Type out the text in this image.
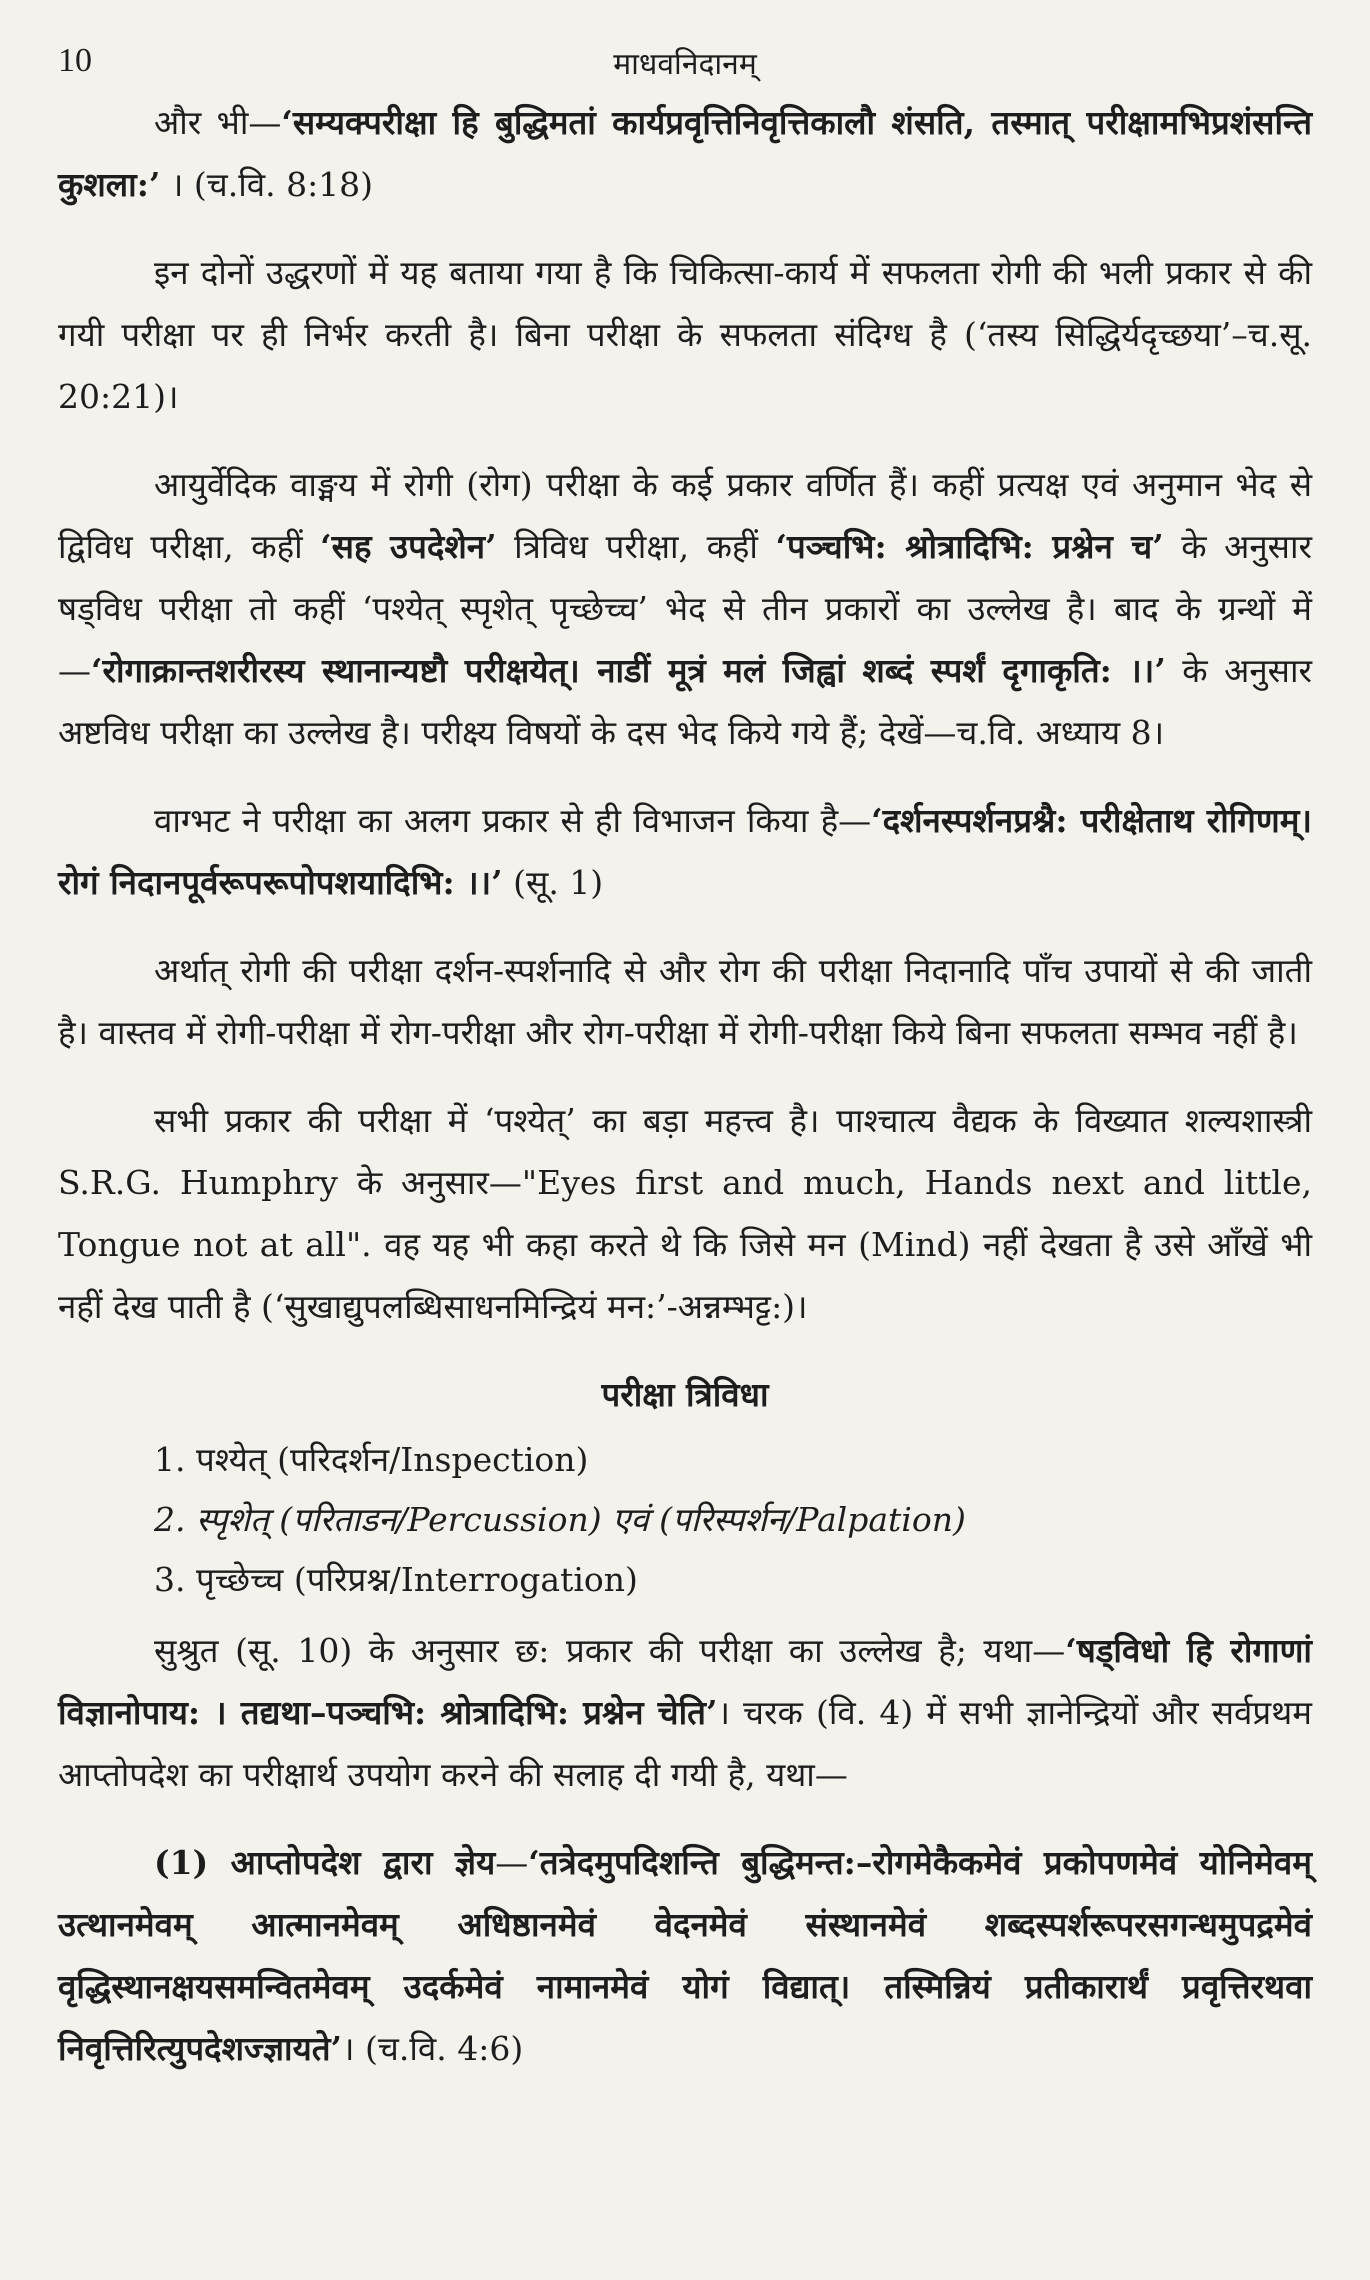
10	माधवनिदानम्

और भी—‘सम्यक्परीक्षा हि बुद्धिमतां कार्यप्रवृत्तिनिवृत्तिकालौ शंसति, तस्मात् परीक्षामभिप्रशंसन्ति कुशला:’ । (च.वि. 8:18)

इन दोनों उद्धरणों में यह बताया गया है कि चिकित्सा-कार्य में सफलता रोगी की भली प्रकार से की गयी परीक्षा पर ही निर्भर करती है। बिना परीक्षा के सफलता संदिग्ध है (‘तस्य सिद्धिर्यदृच्छया’–च.सू. 20:21)।

आयुर्वेदिक वाङ्मय में रोगी (रोग) परीक्षा के कई प्रकार वर्णित हैं। कहीं प्रत्यक्ष एवं अनुमान भेद से द्विविध परीक्षा, कहीं ‘सह उपदेशेन’ त्रिविध परीक्षा, कहीं ‘पञ्चभि: श्रोत्रादिभि: प्रश्नेन च’ के अनुसार षड्विध परीक्षा तो कहीं ‘पश्येत् स्पृशेत् पृच्छेच्च’ भेद से तीन प्रकारों का उल्लेख है। बाद के ग्रन्थों में—‘रोगाक्रान्तशरीरस्य स्थानान्यष्टौ परीक्षयेत्। नाडीं मूत्रं मलं जिह्वां शब्दं स्पर्शं दृगाकृति: ।।’ के अनुसार अष्टविध परीक्षा का उल्लेख है। परीक्ष्य विषयों के दस भेद किये गये हैं; देखें—च.वि. अध्याय 8।

वाग्भट ने परीक्षा का अलग प्रकार से ही विभाजन किया है—‘दर्शनस्पर्शनप्रश्नै: परीक्षेताथ रोगिणम्। रोगं निदानपूर्वरूपरूपोपशयादिभि: ।।’ (सू. 1)

अर्थात् रोगी की परीक्षा दर्शन-स्पर्शनादि से और रोग की परीक्षा निदानादि पाँच उपायों से की जाती है। वास्तव में रोगी-परीक्षा में रोग-परीक्षा और रोग-परीक्षा में रोगी-परीक्षा किये बिना सफलता सम्भव नहीं है।

सभी प्रकार की परीक्षा में ‘पश्येत्’ का बड़ा महत्त्व है। पाश्चात्य वैद्यक के विख्यात शल्यशास्त्री S.R.G. Humphry के अनुसार—"Eyes first and much, Hands next and little, Tongue not at all". वह यह भी कहा करते थे कि जिसे मन (Mind) नहीं देखता है उसे आँखें भी नहीं देख पाती है (‘सुखाद्युपलब्धिसाधनमिन्द्रियं मन:’-अन्नम्भट्ट:)।

परीक्षा त्रिविधा
1. पश्येत् (परिदर्शन/Inspection)
2. स्पृशेत् (परिताडन/Percussion) एवं (परिस्पर्शन/Palpation)
3. पृच्छेच्च (परिप्रश्न/Interrogation)

सुश्रुत (सू. 10) के अनुसार छ: प्रकार की परीक्षा का उल्लेख है; यथा—‘षड्विधो हि रोगाणां विज्ञानोपाय: । तद्यथा–पञ्चभि: श्रोत्रादिभि: प्रश्नेन चेति’। चरक (वि. 4) में सभी ज्ञानेन्द्रियों और सर्वप्रथम आप्तोपदेश का परीक्षार्थ उपयोग करने की सलाह दी गयी है, यथा—

(1) आप्तोपदेश द्वारा ज्ञेय—‘तत्रेदमुपदिशन्ति बुद्धिमन्त:–रोगमेकैकमेवं प्रकोपणमेवं योनिमेवम् उत्थानमेवम् आत्मानमेवम् अधिष्ठानमेवं वेदनमेवं संस्थानमेवं शब्दस्पर्शरूपरसगन्धमुपद्रमेवं वृद्धिस्थानक्षयसमन्वितमेवम् उदर्कमेवं नामानमेवं योगं विद्यात्। तस्मिन्नियं प्रतीकारार्थं प्रवृत्तिरथवा निवृत्तिरित्युपदेशज्ज्ञायते’। (च.वि. 4:6)
